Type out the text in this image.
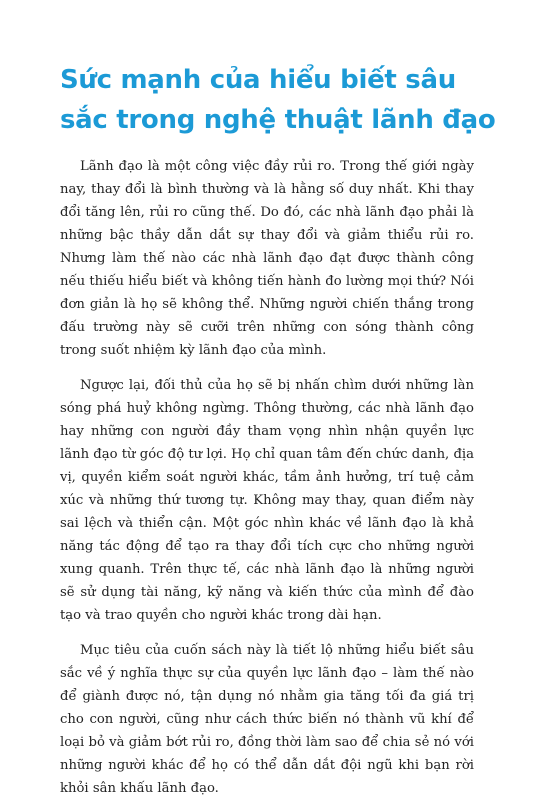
Sức mạnh của hiểu biết sâu sắc trong nghệ thuật lãnh đạo

Lãnh đạo là một công việc đầy rủi ro. Trong thế giới ngày nay, thay đổi là bình thường và là hằng số duy nhất. Khi thay đổi tăng lên, rủi ro cũng thế. Do đó, các nhà lãnh đạo phải là những bậc thầy dẫn dắt sự thay đổi và giảm thiểu rủi ro. Nhưng làm thế nào các nhà lãnh đạo đạt được thành công nếu thiếu hiểu biết và không tiến hành đo lường mọi thứ? Nói đơn giản là họ sẽ không thể. Những người chiến thắng trong đấu trường này sẽ cưỡi trên những con sóng thành công trong suốt nhiệm kỳ lãnh đạo của mình.

Ngược lại, đối thủ của họ sẽ bị nhấn chìm dưới những làn sóng phá huỷ không ngừng. Thông thường, các nhà lãnh đạo hay những con người đầy tham vọng nhìn nhận quyền lực lãnh đạo từ góc độ tư lợi. Họ chỉ quan tâm đến chức danh, địa vị, quyền kiểm soát người khác, tầm ảnh hưởng, trí tuệ cảm xúc và những thứ tương tự. Không may thay, quan điểm này sai lệch và thiển cận. Một góc nhìn khác về lãnh đạo là khả năng tác động để tạo ra thay đổi tích cực cho những người xung quanh. Trên thực tế, các nhà lãnh đạo là những người sẽ sử dụng tài năng, kỹ năng và kiến thức của mình để đào tạo và trao quyền cho người khác trong dài hạn.

Mục tiêu của cuốn sách này là tiết lộ những hiểu biết sâu sắc về ý nghĩa thực sự của quyền lực lãnh đạo – làm thế nào để giành được nó, tận dụng nó nhằm gia tăng tối đa giá trị cho con người, cũng như cách thức biến nó thành vũ khí để loại bỏ và giảm bớt rủi ro, đồng thời làm sao để chia sẻ nó với những người khác để họ có thể dẫn dắt đội ngũ khi bạn rời khỏi sân khấu lãnh đạo.
